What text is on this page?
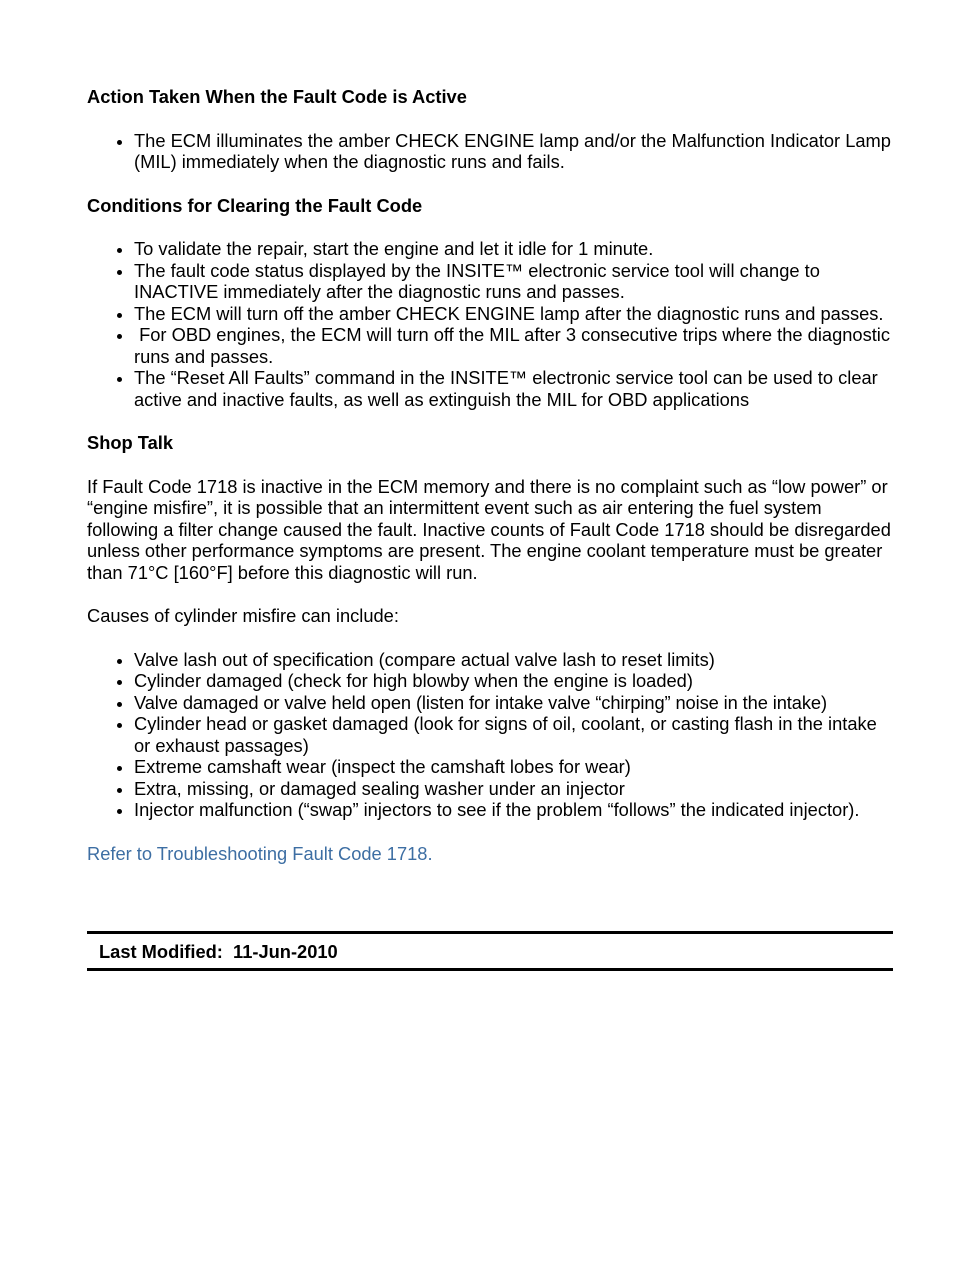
Action Taken When the Fault Code is Active
The ECM illuminates the amber CHECK ENGINE lamp and/or the Malfunction Indicator Lamp (MIL) immediately when the diagnostic runs and fails.
Conditions for Clearing the Fault Code
To validate the repair, start the engine and let it idle for 1 minute.
The fault code status displayed by the INSITE™ electronic service tool will change to INACTIVE immediately after the diagnostic runs and passes.
The ECM will turn off the amber CHECK ENGINE lamp after the diagnostic runs and passes.
For OBD engines, the ECM will turn off the MIL after 3 consecutive trips where the diagnostic runs and passes.
The “Reset All Faults” command in the INSITE™ electronic service tool can be used to clear active and inactive faults, as well as extinguish the MIL for OBD applications
Shop Talk

If Fault Code 1718 is inactive in the ECM memory and there is no complaint such as “low power” or “engine misfire”, it is possible that an intermittent event such as air entering the fuel system following a filter change caused the fault. Inactive counts of Fault Code 1718 should be disregarded unless other performance symptoms are present. The engine coolant temperature must be greater than 71°C [160°F] before this diagnostic will run.

Causes of cylinder misfire can include:

Valve lash out of specification (compare actual valve lash to reset limits)
Cylinder damaged (check for high blowby when the engine is loaded)
Valve damaged or valve held open (listen for intake valve “chirping” noise in the intake)
Cylinder head or gasket damaged (look for signs of oil, coolant, or casting flash in the intake or exhaust passages)
Extreme camshaft wear (inspect the camshaft lobes for wear)
Extra, missing, or damaged sealing washer under an injector
Injector malfunction (“swap” injectors to see if the problem “follows” the indicated injector).

Refer to Troubleshooting Fault Code 1718.

Last Modified:  11-Jun-2010
